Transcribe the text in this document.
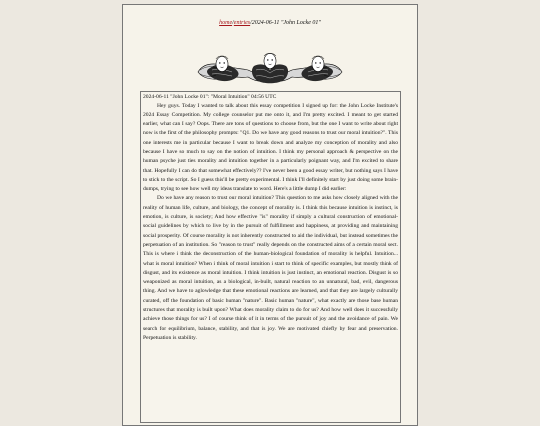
home/entries/2024-06-11 "John Locke 01"
2024-06-11 "John Locke 01": "Moral Intuition" 04:56 UTC

Hey guys. Today I wanted to talk about this essay competition I signed up for: the John Locke Institute's 2024 Essay Competition. My college counselor put me onto it, and I'm pretty excited. I meant to get started earlier, what can I say? Oops. There are tons of questions to choose from, but the one I want to write about right now is the first of the philosophy prompts: "Q1. Do we have any good reasons to trust our moral intuition?". This one interests me in particular because I want to break down and analyze my conception of morality and also because I have so much to say on the notion of intuition. I think my personal approach & perspective on the human psyche just ties morality and intuition together in a particularly poignant way, and I'm excited to share that. Hopefully I can do that somewhat effectively?? I've never been a good essay writer, but nothing says I have to stick to the script. So I guess this'll be pretty experimental. I think I'll definitely start by just doing some brain-dumps, trying to see how well my ideas translate to word. Here's a little dump I did earlier:

Do we have any reason to trust our moral intuition? This question to me asks how closely aligned with the reality of human life, culture, and biology, the concept of morality is. I think this because intuition is instinct, is emotion, is culture, is society; And how effective "is" morality if simply a cultural construction of emotional-social guidelines by which to live by in the pursuit of fulfillment and happiness, at providing and maintaining social prosperity. Of course morality is not inherently constructed to aid the individual, but instead sometimes the perpetuation of an institution. So "reason to trust" really depends on the constructed aims of a certain moral sect. This is where i think the deconstruction of the human-biological foundation of morality is helpful. Intuition... what is moral intuition? When i think of moral intuition i start to think of specific examples, but mostly think of disgust, and its existence as moral intuition. I think intuition is just instinct, an emotional reaction. Disgust is so weaponized as moral intuition, as a biological, in-built, natural reaction to an unnatural, bad, evil, dangerous thing. And we have to aglowledge that these emotional reactions are learned, and that they are largely culturally curated, off the foundation of basic human "nature". Basic human "nature", what exactly are those base human structures that morality is built upon? What does morality claim to do for us? And how well does it successfully achieve those things for us? I of course think of it in terms of the pursuit of joy and the avoidance of pain. We search for equilibrium, balance, stability, and that is joy. We are motivated chiefly by fear and preservation. Perpetuation is stability.
